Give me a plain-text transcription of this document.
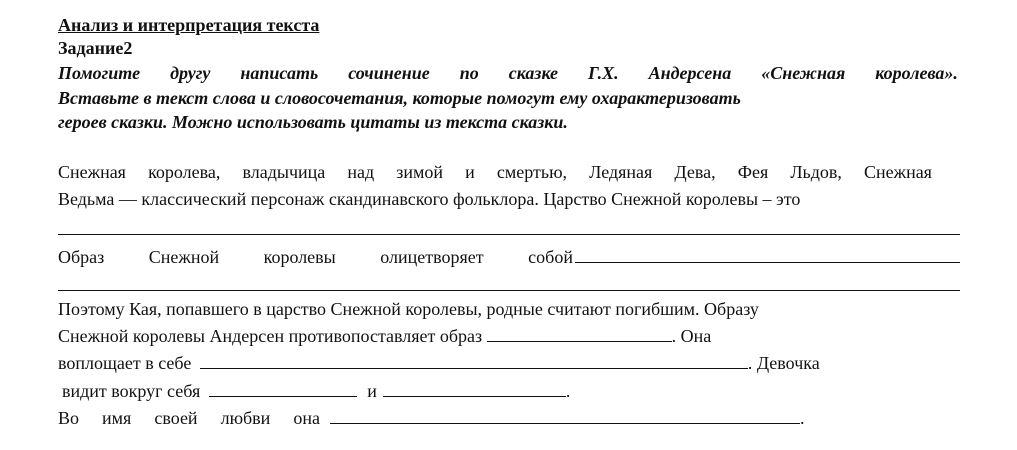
Анализ и интерпретация текста
Задание2
Помогите другу написать сочинение по сказке Г.Х. Андерсена «Снежная королева».
Вставьте в текст слова и словосочетания, которые помогут ему охарактеризовать
героев сказки. Можно использовать цитаты из текста сказки.
Снежная королева, владычица над зимой и смертью, Ледяная Дева, Фея Льдов, Снежная
Ведьма — классический персонаж скандинавского фольклора. Царство Снежной королевы – это
Образ Снежной королевы олицетворяет собой
Поэтому Кая, попавшего в царство Снежной королевы, родные считают погибшим. Образу
Снежной королевы Андерсен противопоставляет образ	. Она
воплощает в себе	. Девочка
видит вокруг себя	и	.
Во имя своей любви она	.
